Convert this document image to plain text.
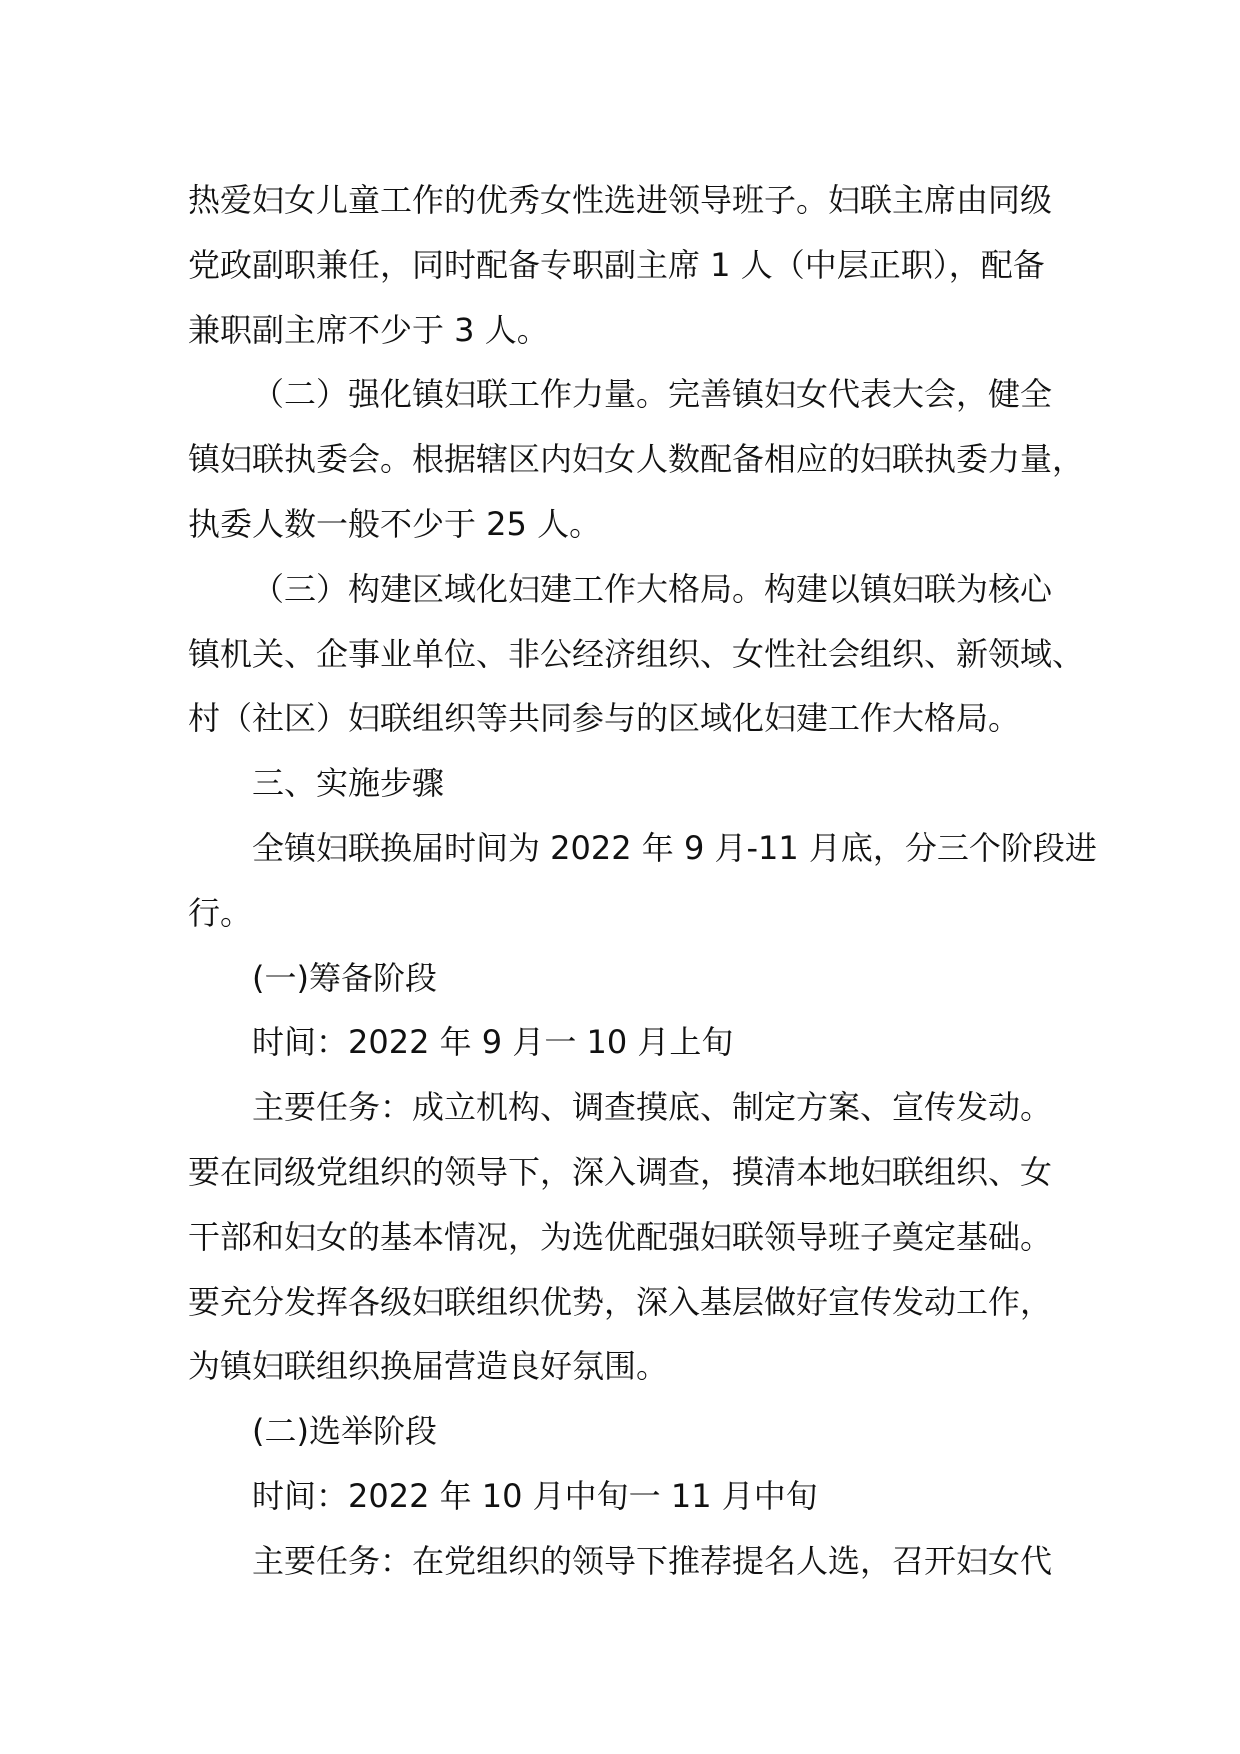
热爱妇女儿童工作的优秀女性选进领导班子。妇联主席由同级
党政副职兼任，同时配备专职副主席 1 人（中层正职），配备
兼职副主席不少于 3 人。
（二）强化镇妇联工作力量。完善镇妇女代表大会，健全
镇妇联执委会。根据辖区内妇女人数配备相应的妇联执委力量，
执委人数一般不少于 25 人。
（三）构建区域化妇建工作大格局。构建以镇妇联为核心
镇机关、企事业单位、非公经济组织、女性社会组织、新领域、
村（社区）妇联组织等共同参与的区域化妇建工作大格局。
三、实施步骤
全镇妇联换届时间为 2022 年 9 月-11 月底，分三个阶段进
行。
(一)筹备阶段
时间：2022 年 9 月一 10 月上旬
主要任务：成立机构、调查摸底、制定方案、宣传发动。
要在同级党组织的领导下，深入调查，摸清本地妇联组织、女
干部和妇女的基本情况，为选优配强妇联领导班子奠定基础。
要充分发挥各级妇联组织优势，深入基层做好宣传发动工作，
为镇妇联组织换届营造良好氛围。
(二)选举阶段
时间：2022 年 10 月中旬一 11 月中旬
主要任务：在党组织的领导下推荐提名人选，召开妇女代
